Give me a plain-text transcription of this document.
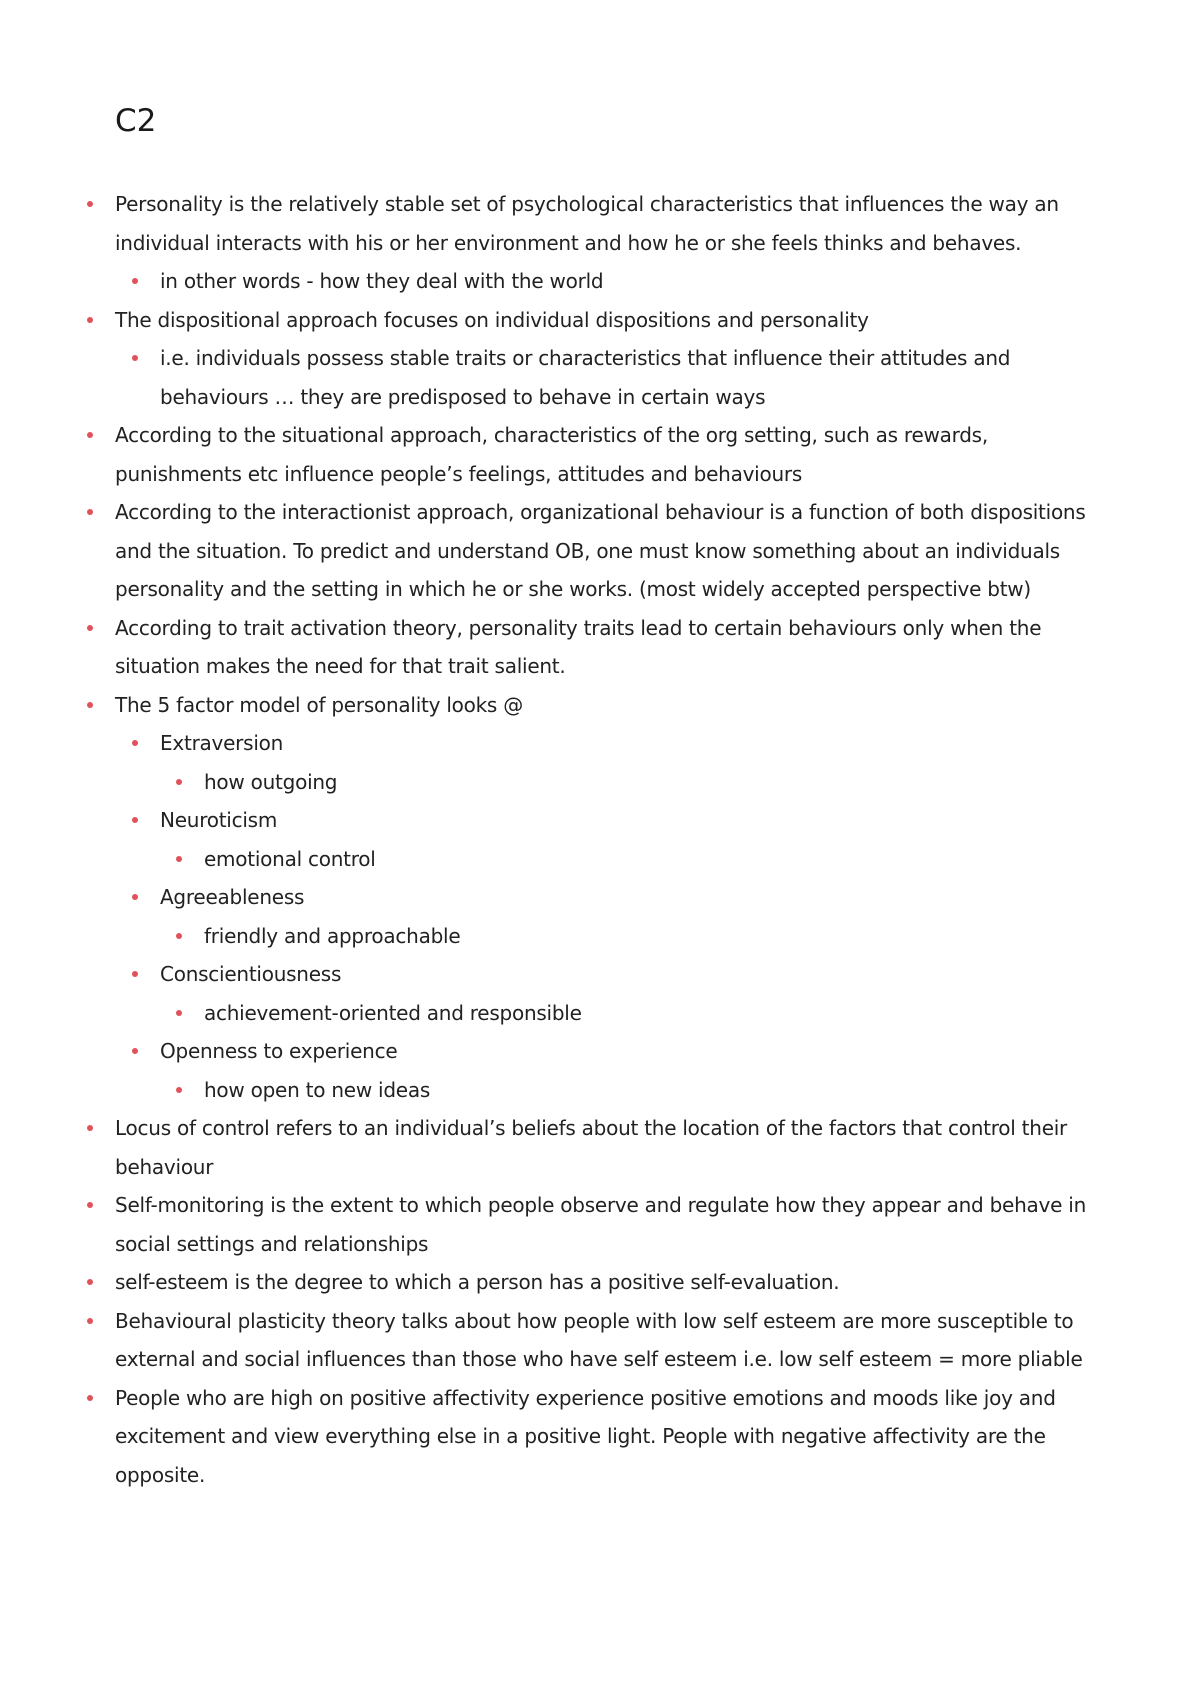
C2
Personality is the relatively stable set of psychological characteristics that influences the way an individual interacts with his or her environment and how he or she feels thinks and behaves.
in other words - how they deal with the world
The dispositional approach focuses on individual dispositions and personality
i.e. individuals possess stable traits or characteristics that influence their attitudes and behaviours … they are predisposed to behave in certain ways
According to the situational approach, characteristics of the org setting, such as rewards, punishments etc influence people’s feelings, attitudes and behaviours
According to the interactionist approach, organizational behaviour is a function of both dispositions and the situation. To predict and understand OB, one must know something about an individuals personality and the setting in which he or she works. (most widely accepted perspective btw)
According to trait activation theory, personality traits lead to certain behaviours only when the situation makes the need for that trait salient.
The 5 factor model of personality looks @
Extraversion
how outgoing
Neuroticism
emotional control
Agreeableness
friendly and approachable
Conscientiousness
achievement-oriented and responsible
Openness to experience
how open to new ideas
Locus of control refers to an individual’s beliefs about the location of the factors that control their behaviour
Self-monitoring is the extent to which people observe and regulate how they appear and behave in social settings and relationships
self-esteem is the degree to which a person has a positive self-evaluation.
Behavioural plasticity theory talks about how people with low self esteem are more susceptible to external and social influences than those who have self esteem i.e. low self esteem = more pliable
People who are high on positive affectivity experience positive emotions and moods like joy and excitement and view everything else in a positive light. People with negative affectivity are the opposite.
